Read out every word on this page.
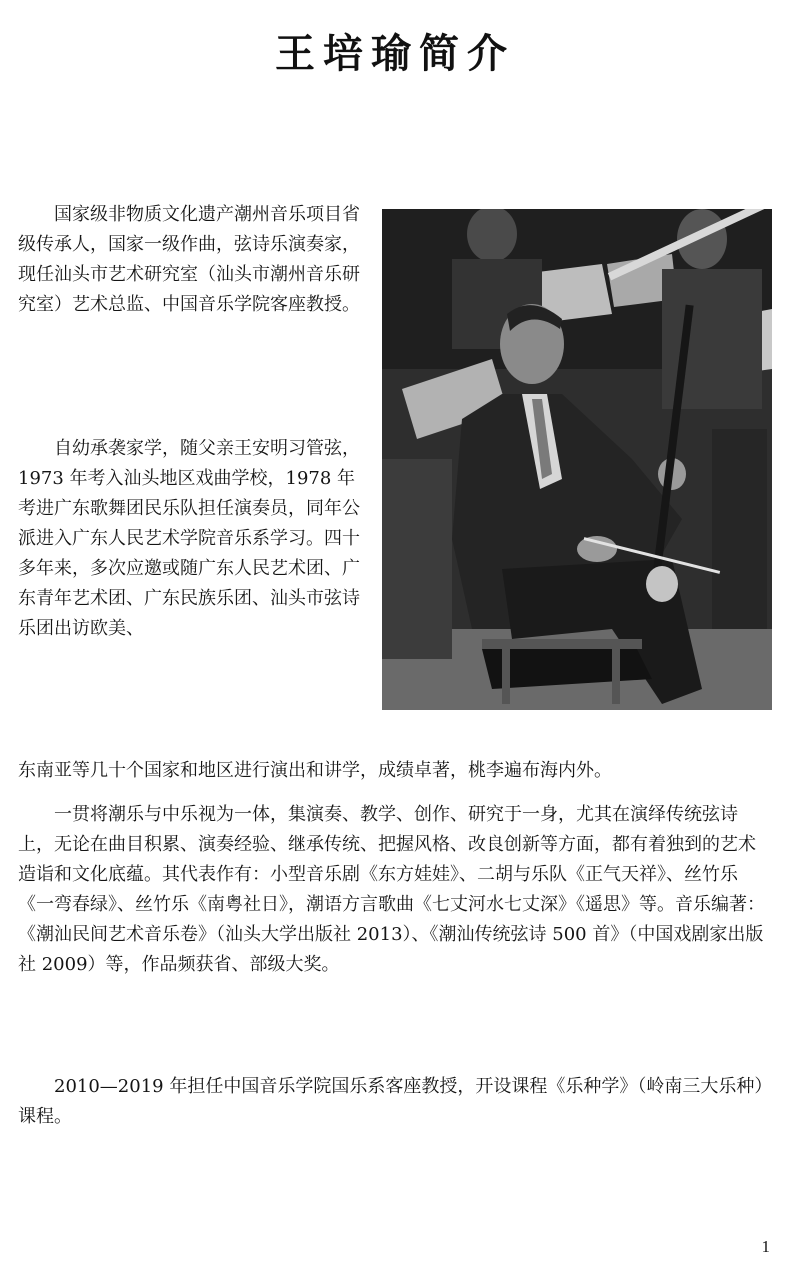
王培瑜简介
国家级非物质文化遗产潮州音乐项目省级传承人，国家一级作曲，弦诗乐演奏家，现任汕头市艺术研究室（汕头市潮州音乐研究室）艺术总监、中国音乐学院客座教授。
自幼承袭家学，随父亲王安明习管弦，1973 年考入汕头地区戏曲学校，1978 年考进广东歌舞团民乐队担任演奏员，同年公派进入广东人民艺术学院音乐系学习。四十多年来，多次应邀或随广东人民艺术团、广东青年艺术团、广东民族乐团、汕头市弦诗乐团出访欧美、
东南亚等几十个国家和地区进行演出和讲学，成绩卓著，桃李遍布海内外。
一贯将潮乐与中乐视为一体，集演奏、教学、创作、研究于一身，尤其在演绎传统弦诗上，无论在曲目积累、演奏经验、继承传统、把握风格、改良创新等方面，都有着独到的艺术造诣和文化底蕴。其代表作有：小型音乐剧《东方娃娃》、二胡与乐队《正气天祥》、丝竹乐《一弯春绿》、丝竹乐《南粤社日》，潮语方言歌曲《七丈河水七丈深》《遥思》等。音乐编著：《潮汕民间艺术音乐卷》（汕头大学出版社 2013）、《潮汕传统弦诗 500 首》（中国戏剧家出版社 2009）等，作品频获省、部级大奖。
2010—2019 年担任中国音乐学院国乐系客座教授，开设课程《乐种学》（岭南三大乐种）课程。
1
